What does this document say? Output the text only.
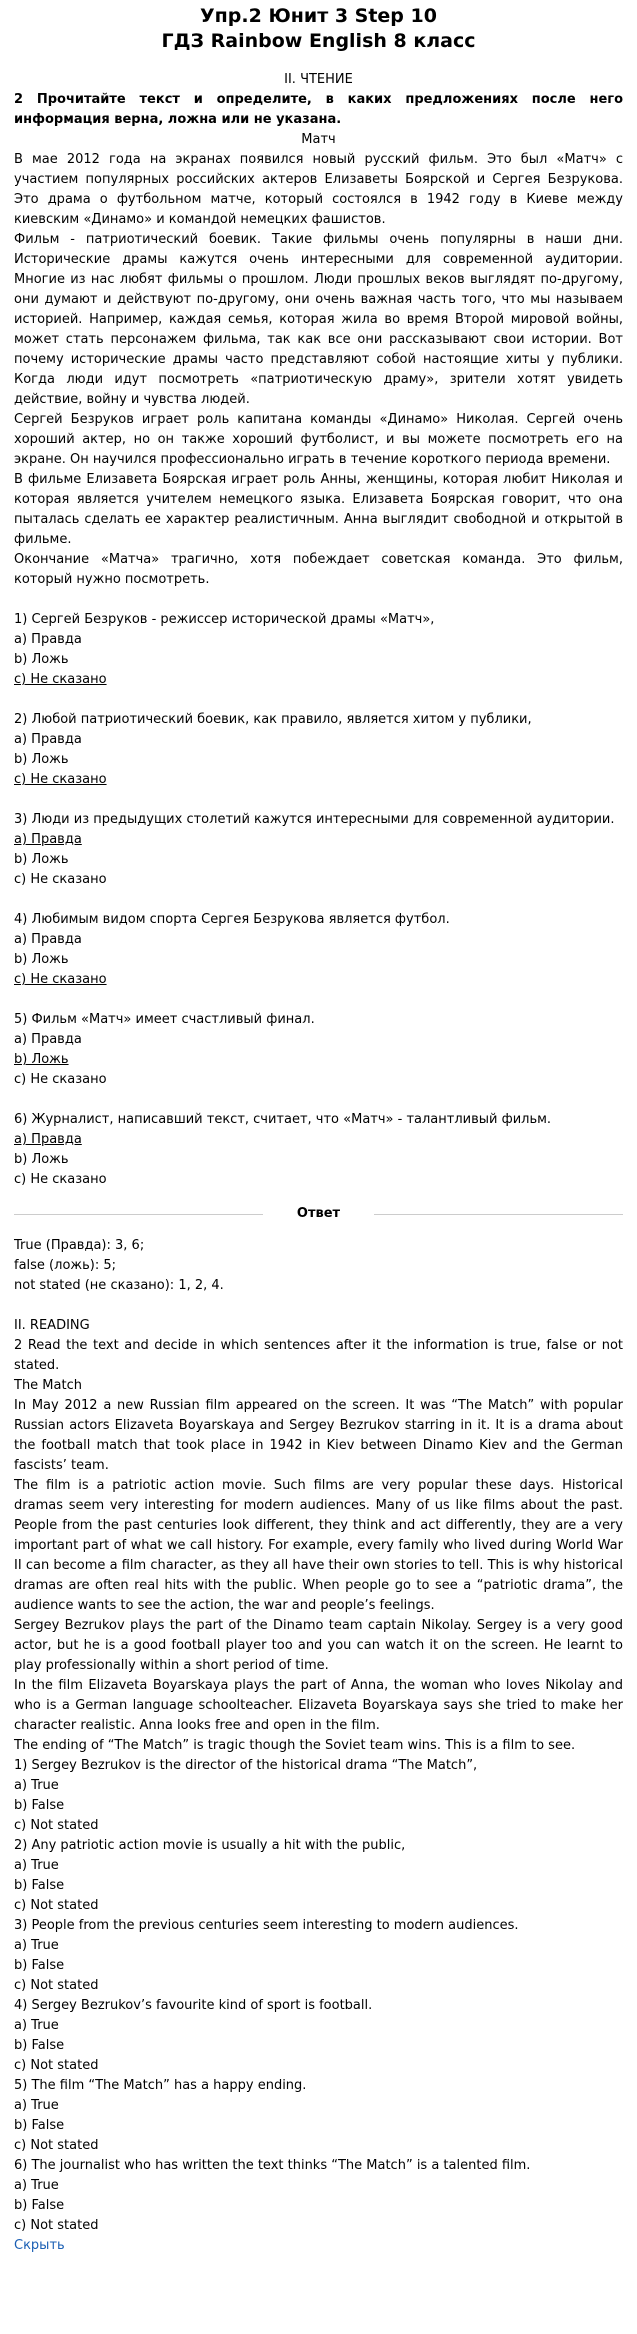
Упр.2 Юнит 3 Step 10
ГДЗ Rainbow English 8 класс
II. ЧТЕНИЕ
2 Прочитайте текст и определите, в каких предложениях после него информация верна, ложна или не указана.
Матч

В мае 2012 года на экранах появился новый русский фильм. Это был «Матч» с участием популярных российских актеров Елизаветы Боярской и Сергея Безрукова. Это драма о футбольном матче, который состоялся в 1942 году в Киеве между киевским «Динамо» и командой немецких фашистов.

Фильм - патриотический боевик. Такие фильмы очень популярны в наши дни. Исторические драмы кажутся очень интересными для современной аудитории. Многие из нас любят фильмы о прошлом. Люди прошлых веков выглядят по-другому, они думают и действуют по-другому, они очень важная часть того, что мы называем историей. Например, каждая семья, которая жила во время Второй мировой войны, может стать персонажем фильма, так как все они рассказывают свои истории. Вот почему исторические драмы часто представляют собой настоящие хиты у публики. Когда люди идут посмотреть «патриотическую драму», зрители хотят увидеть действие, войну и чувства людей.

Сергей Безруков играет роль капитана команды «Динамо» Николая. Сергей очень хороший актер, но он также хороший футболист, и вы можете посмотреть его на экране. Он научился профессионально играть в течение короткого периода времени.

В фильме Елизавета Боярская играет роль Анны, женщины, которая любит Николая и которая является учителем немецкого языка. Елизавета Боярская говорит, что она пыталась сделать ее характер реалистичным. Анна выглядит свободной и открытой в фильме.

Окончание «Матча» трагично, хотя побеждает советская команда. Это фильм, который нужно посмотреть.

1) Сергей Безруков - режиссер исторической драмы «Матч»,
a) Правда
b) Ложь
c) Не сказано
2) Любой патриотический боевик, как правило, является хитом у публики,
a) Правда
b) Ложь
c) Не сказано
3) Люди из предыдущих столетий кажутся интересными для современной аудитории.
a) Правда
b) Ложь
c) Не сказано
4) Любимым видом спорта Сергея Безрукова является футбол.
a) Правда
b) Ложь
c) Не сказано
5) Фильм «Матч» имеет счастливый финал.
a) Правда
b) Ложь
c) Не сказано
6) Журналист, написавший текст, считает, что «Матч» - талантливый фильм.
a) Правда
b) Ложь
c) Не сказано
Ответ

True (Правда): 3, 6;

false (ложь): 5;

not stated (не сказано): 1, 2, 4.

II. READING

2 Read the text and decide in which sentences after it the information is true, false or not stated.

The Match

In May 2012 a new Russian film appeared on the screen. It was “The Match” with popular Russian actors Elizaveta Boyarskaya and Sergey Bezrukov starring in it. It is a drama about the football match that took place in 1942 in Kiev between Dinamo Kiev and the German fascists’ team.

The film is a patriotic action movie. Such films are very popular these days. Historical dramas seem very interesting for modern audiences. Many of us like films about the past. People from the past centuries look different, they think and act differently, they are a very important part of what we call history. For example, every family who lived during World War II can become a film character, as they all have their own stories to tell. This is why historical dramas are often real hits with the public. When people go to see a “patriotic drama”, the audience wants to see the action, the war and people’s feelings.

Sergey Bezrukov plays the part of the Dinamo team captain Nikolay. Sergey is a very good actor, but he is a good football player too and you can watch it on the screen. He learnt to play professionally within a short period of time.

In the film Elizaveta Boyarskaya plays the part of Anna, the woman who loves Nikolay and who is a German language schoolteacher. Elizaveta Boyarskaya says she tried to make her character realistic. Anna looks free and open in the film.

The ending of “The Match” is tragic though the Soviet team wins. This is a film to see.

1) Sergey Bezrukov is the director of the historical drama “The Match”,

a) True

b) False

c) Not stated

2) Any patriotic action movie is usually a hit with the public,

a) True

b) False

c) Not stated

3) People from the previous centuries seem interesting to modern audiences.

a) True

b) False

c) Not stated

4) Sergey Bezrukov’s favourite kind of sport is football.

a) True

b) False

c) Not stated

5) The film “The Match” has a happy ending.

a) True

b) False

c) Not stated

6) The journalist who has written the text thinks “The Match” is a talented film.

a) True

b) False

c) Not stated

Скрыть
